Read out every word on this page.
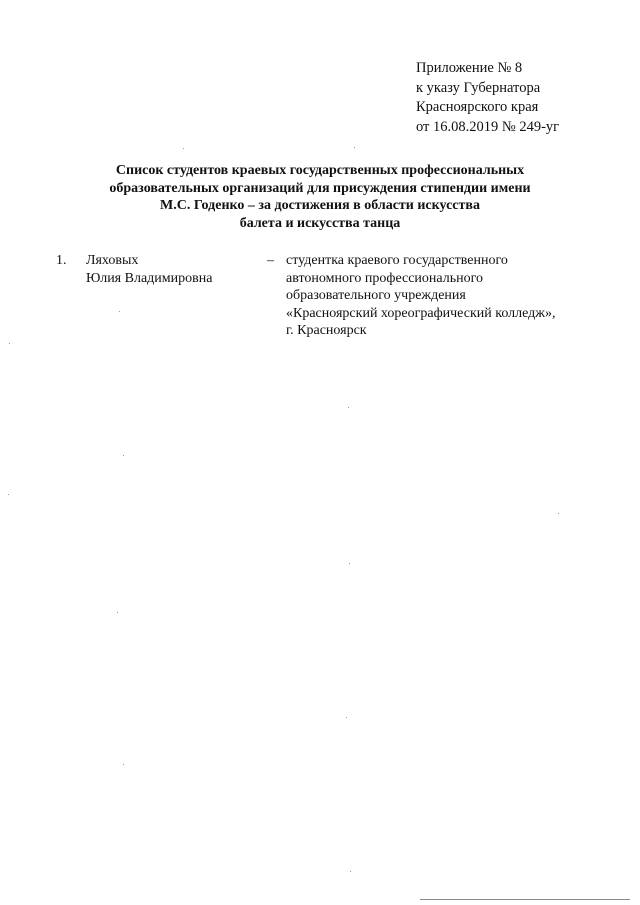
Приложение № 8
к указу Губернатора
Красноярского края
от 16.08.2019 № 249-уг
Список студентов краевых государственных профессиональных
образовательных организаций для присуждения стипендии имени
М.С. Годенко – за достижения в области искусства
балета и искусства танца
1. Ляховых
Юлия Владимировна
– студентка краевого государственного
автономного профессионального
образовательного учреждения
«Красноярский хореографический колледж»,
г. Красноярск
